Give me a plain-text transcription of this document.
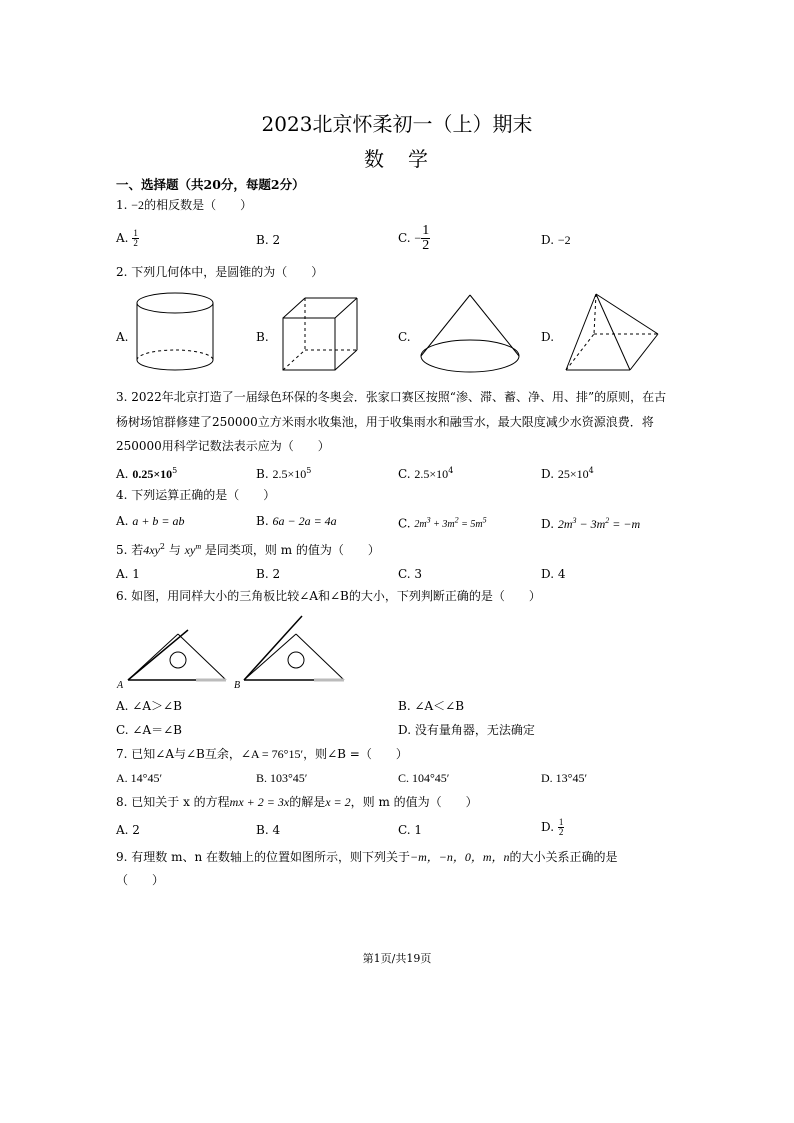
2023北京怀柔初一（上）期末
数　学
一、选择题（共20分，每题2分）
1. −2的相反数是（　　）
A. $\frac{1}{2}$	B. 2	C. − $\frac{1}{2}$	D. −2
2. 下列几何体中，是圆锥的为（　　）
A.	B.	C.	D.
3. 2022年北京打造了一届绿色环保的冬奥会．张家口赛区按照“渗、滞、蓄、净、用、排”的原则，在古
杨树场馆群修建了250000立方米雨水收集池，用于收集雨水和融雪水，最大限度减少水资源浪费．将
250000用科学记数法表示应为（　　）
A. $0.25\times 10^5$	B. $2.5\times 10^5$	C. $2.5\times 10^4$	D. $25\times 10^4$
4. 下列运算正确的是（　　）
A. a + b = ab	B. 6a − 2a = 4a	C. $2m^3 + 3m^2 = 5m^5$	D. $2m^3 - 3m^2 = -m$
5. 若$4xy^2$ 与 $xy^m$ 是同类项，则 m 的值为（　　）
A. 1	B. 2	C. 3	D. 4
6. 如图，用同样大小的三角板比较∠A和∠B的大小，下列判断正确的是（　　）
A	B
A. ∠A＞∠B	B. ∠A＜∠B
C. ∠A＝∠B	D. 没有量角器，无法确定
7. 已知∠A与∠B互余，∠A = 76°15′，则∠B =（　　）
A. 14°45′	B. 103°45′	C. 104°45′	D. 13°45′
8. 已知关于 x 的方程mx + 2 = 3x的解是x = 2，则 m 的值为（　　）
A. 2	B. 4	C. 1	D. $\frac{1}{2}$
9. 有理数 m、n 在数轴上的位置如图所示，则下列关于−m，−n，0，m，n的大小关系正确的是
（　　）
第1页/共19页
